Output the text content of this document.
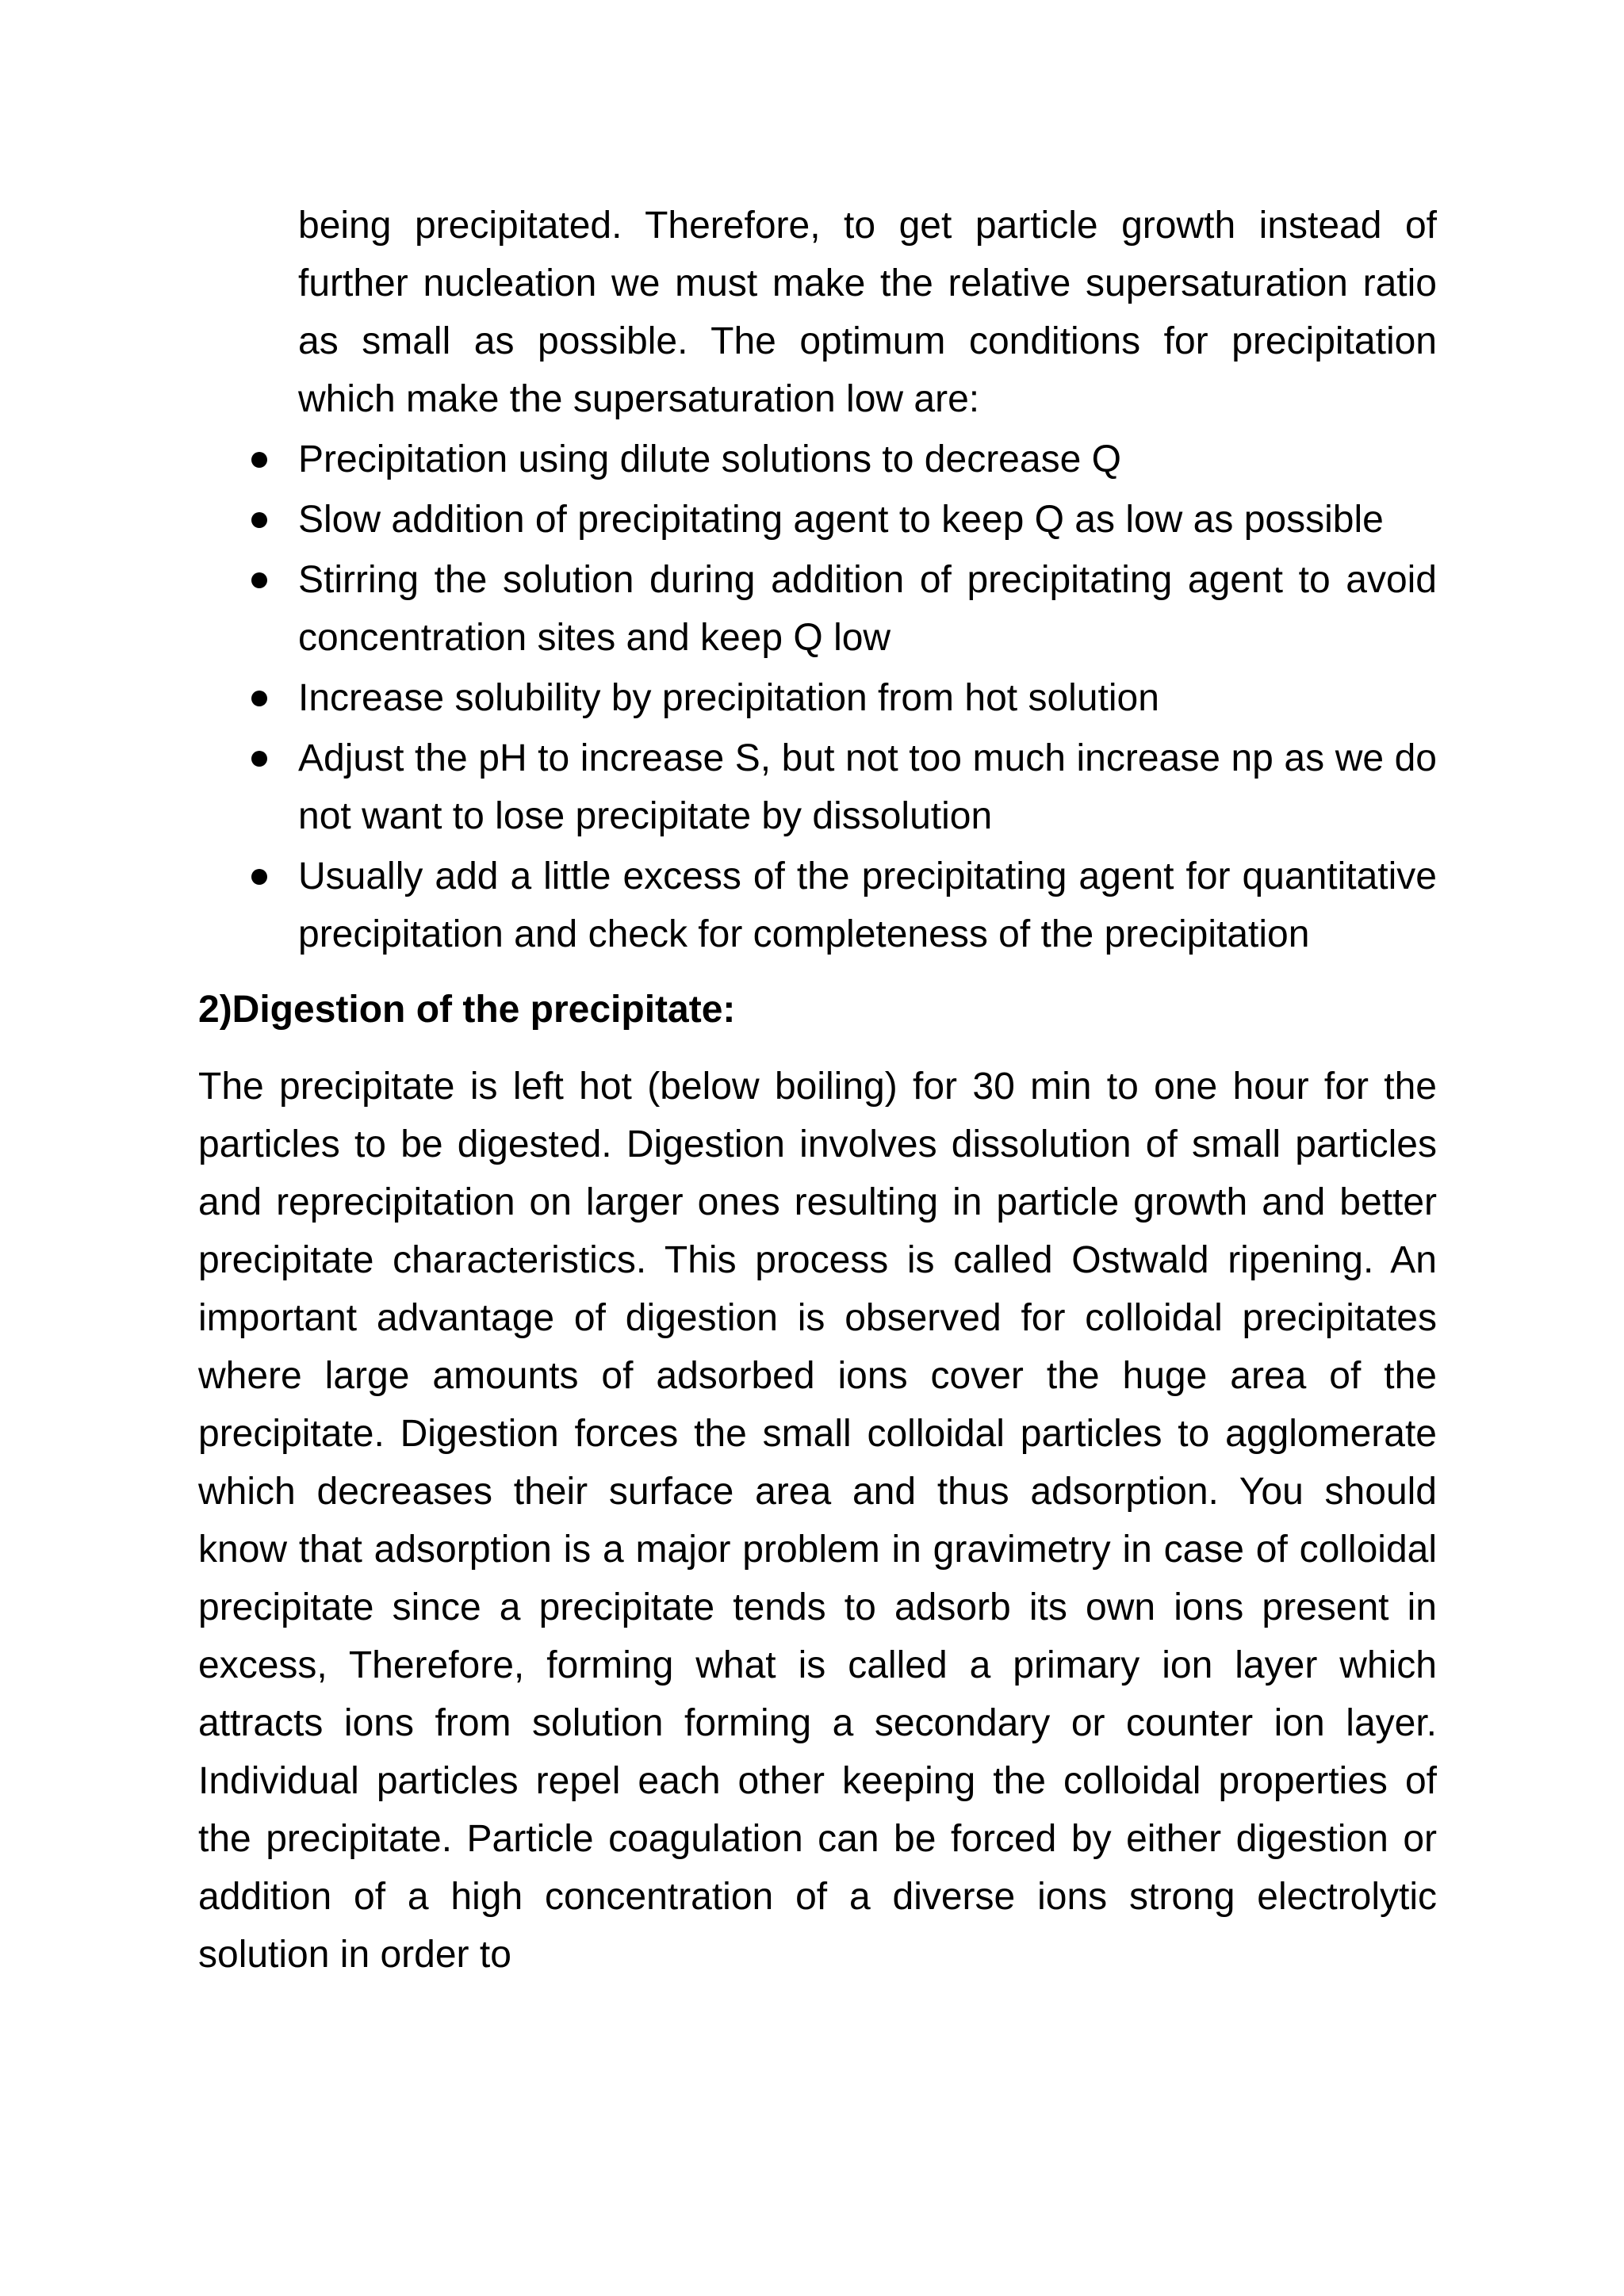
being precipitated. Therefore, to get particle growth instead of further nucleation we must make the relative supersaturation ratio as small as possible. The optimum conditions for precipitation which make the supersaturation low are:

Precipitation using dilute solutions to decrease Q
Slow addition of precipitating agent to keep Q as low as possible
Stirring the solution during addition of precipitating agent to avoid concentration sites and keep Q low
Increase solubility by precipitation from hot solution
Adjust the pH to increase S, but not too much increase np as we do not want to lose precipitate by dissolution
Usually add a little excess of the precipitating agent for quantitative precipitation and check for completeness of the precipitation
2)Digestion of the precipitate:

The precipitate is left hot (below boiling) for 30 min to one hour for the particles to be digested. Digestion involves dissolution of small particles and reprecipitation on larger ones resulting in particle growth and better precipitate characteristics. This process is called Ostwald ripening. An important advantage of digestion is observed for colloidal precipitates where large amounts of adsorbed ions cover the huge area of the precipitate. Digestion forces the small colloidal particles to agglomerate which decreases their surface area and thus adsorption. You should know that adsorption is a major problem in gravimetry in case of colloidal precipitate since a precipitate tends to adsorb its own ions present in excess, Therefore, forming what is called a primary ion layer which attracts ions from solution forming a secondary or counter ion layer. Individual particles repel each other keeping the colloidal properties of the precipitate. Particle coagulation can be forced by either digestion or addition of a high concentration of a diverse ions strong electrolytic solution in order to
